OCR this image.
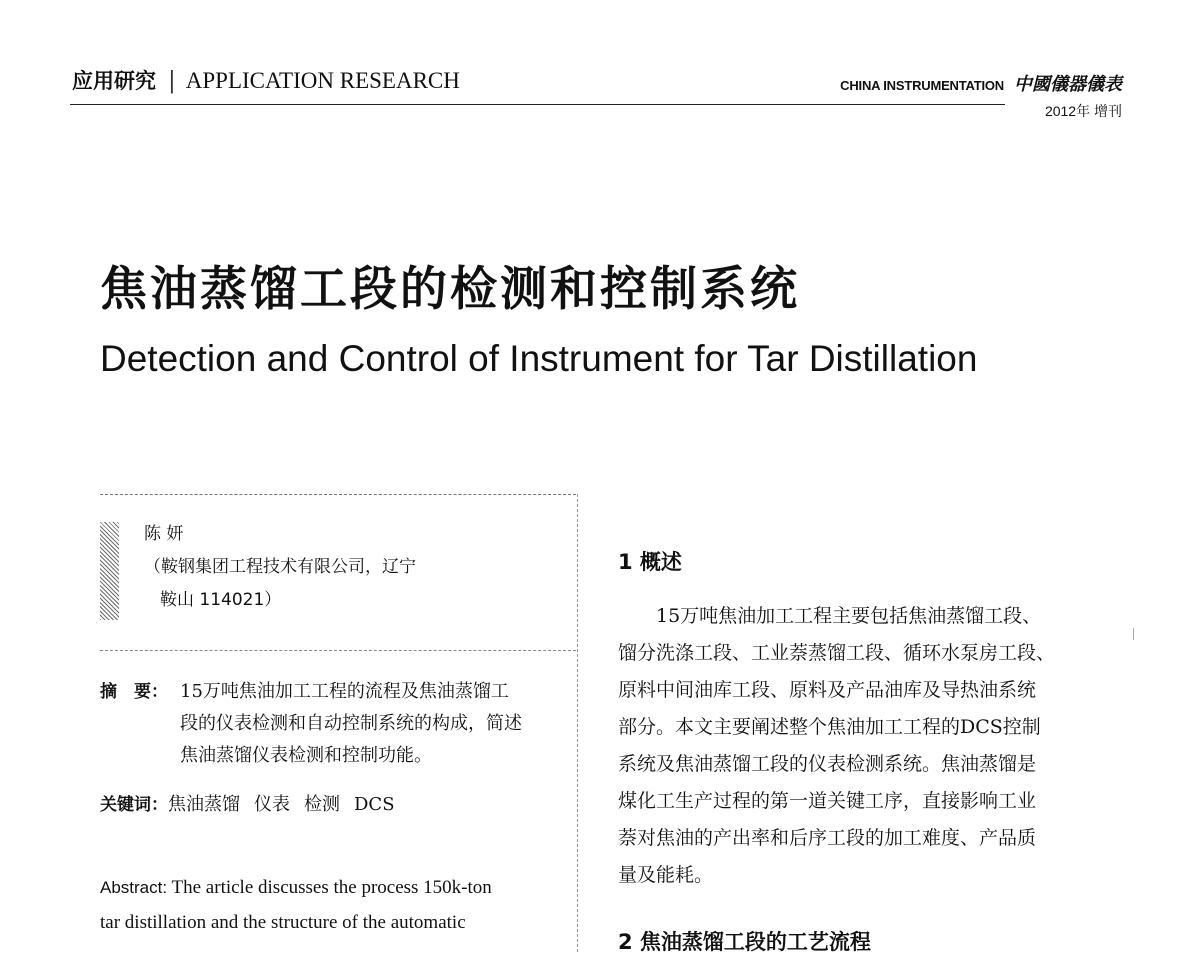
应用研究 | APPLICATION RESEARCH	CHINA INSTRUMENTATION 中國儀器儀表
2012年 增刊
焦油蒸馏工段的检测和控制系统
Detection and Control of Instrument for Tar Distillation
陈 妍
（鞍钢集团工程技术有限公司，辽宁
鞍山 114021）
摘　要： 15万吨焦油加工工程的流程及焦油蒸馏工
段的仪表检测和自动控制系统的构成，简述
焦油蒸馏仪表检测和控制功能。
关键词：焦油蒸馏 仪表 检测 DCS
Abstract: The article discusses the process 150k-ton
tar distillation and the structure of the automatic
1 概述
15万吨焦油加工工程主要包括焦油蒸馏工段、
馏分洗涤工段、工业萘蒸馏工段、循环水泵房工段、
原料中间油库工段、原料及产品油库及导热油系统
部分。本文主要阐述整个焦油加工工程的DCS控制
系统及焦油蒸馏工段的仪表检测系统。焦油蒸馏是
煤化工生产过程的第一道关键工序，直接影响工业
萘对焦油的产出率和后序工段的加工难度、产品质
量及能耗。
2 焦油蒸馏工段的工艺流程
